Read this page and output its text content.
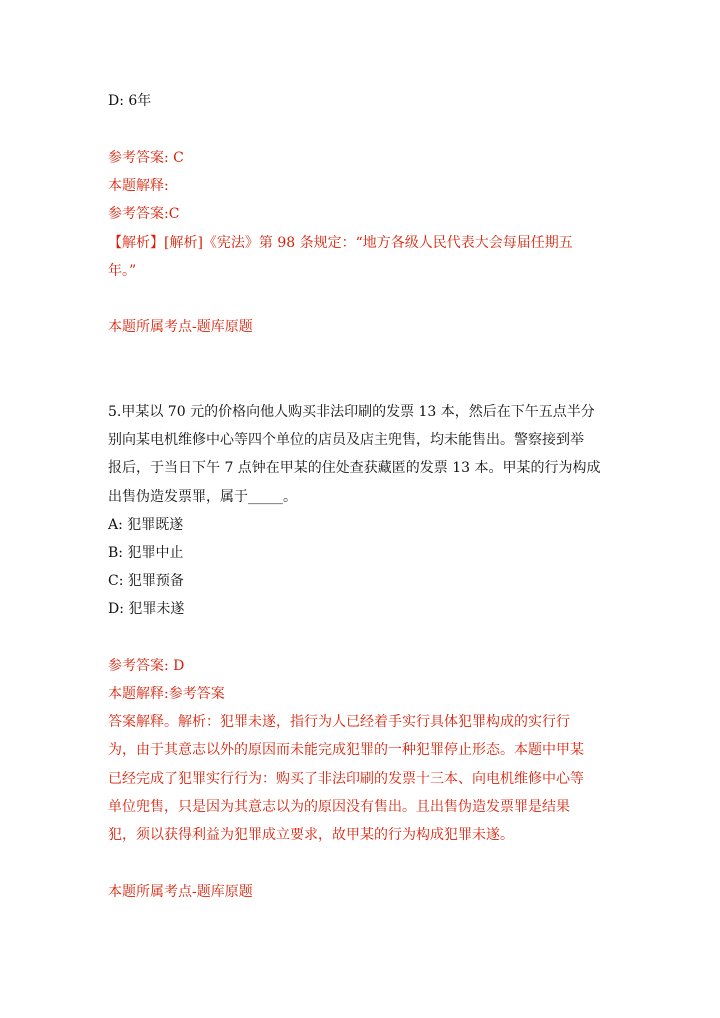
D: 6年
参考答案: C
本题解释:
参考答案:C
【解析】[解析]《宪法》第 98 条规定：“地方各级人民代表大会每届任期五
年。”
本题所属考点-题库原题
5.甲某以 70 元的价格向他人购买非法印刷的发票 13 本，然后在下午五点半分
别向某电机维修中心等四个单位的店员及店主兜售，均未能售出。警察接到举
报后，于当日下午 7 点钟在甲某的住处查获藏匿的发票 13 本。甲某的行为构成
出售伪造发票罪，属于_____。
A: 犯罪既遂
B: 犯罪中止
C: 犯罪预备
D: 犯罪未遂
参考答案: D
本题解释:参考答案
答案解释。解析：犯罪未遂，指行为人已经着手实行具体犯罪构成的实行行
为，由于其意志以外的原因而未能完成犯罪的一种犯罪停止形态。本题中甲某
已经完成了犯罪实行行为：购买了非法印刷的发票十三本、向电机维修中心等
单位兜售，只是因为其意志以为的原因没有售出。且出售伪造发票罪是结果
犯，须以获得利益为犯罪成立要求，故甲某的行为构成犯罪未遂。
本题所属考点-题库原题
